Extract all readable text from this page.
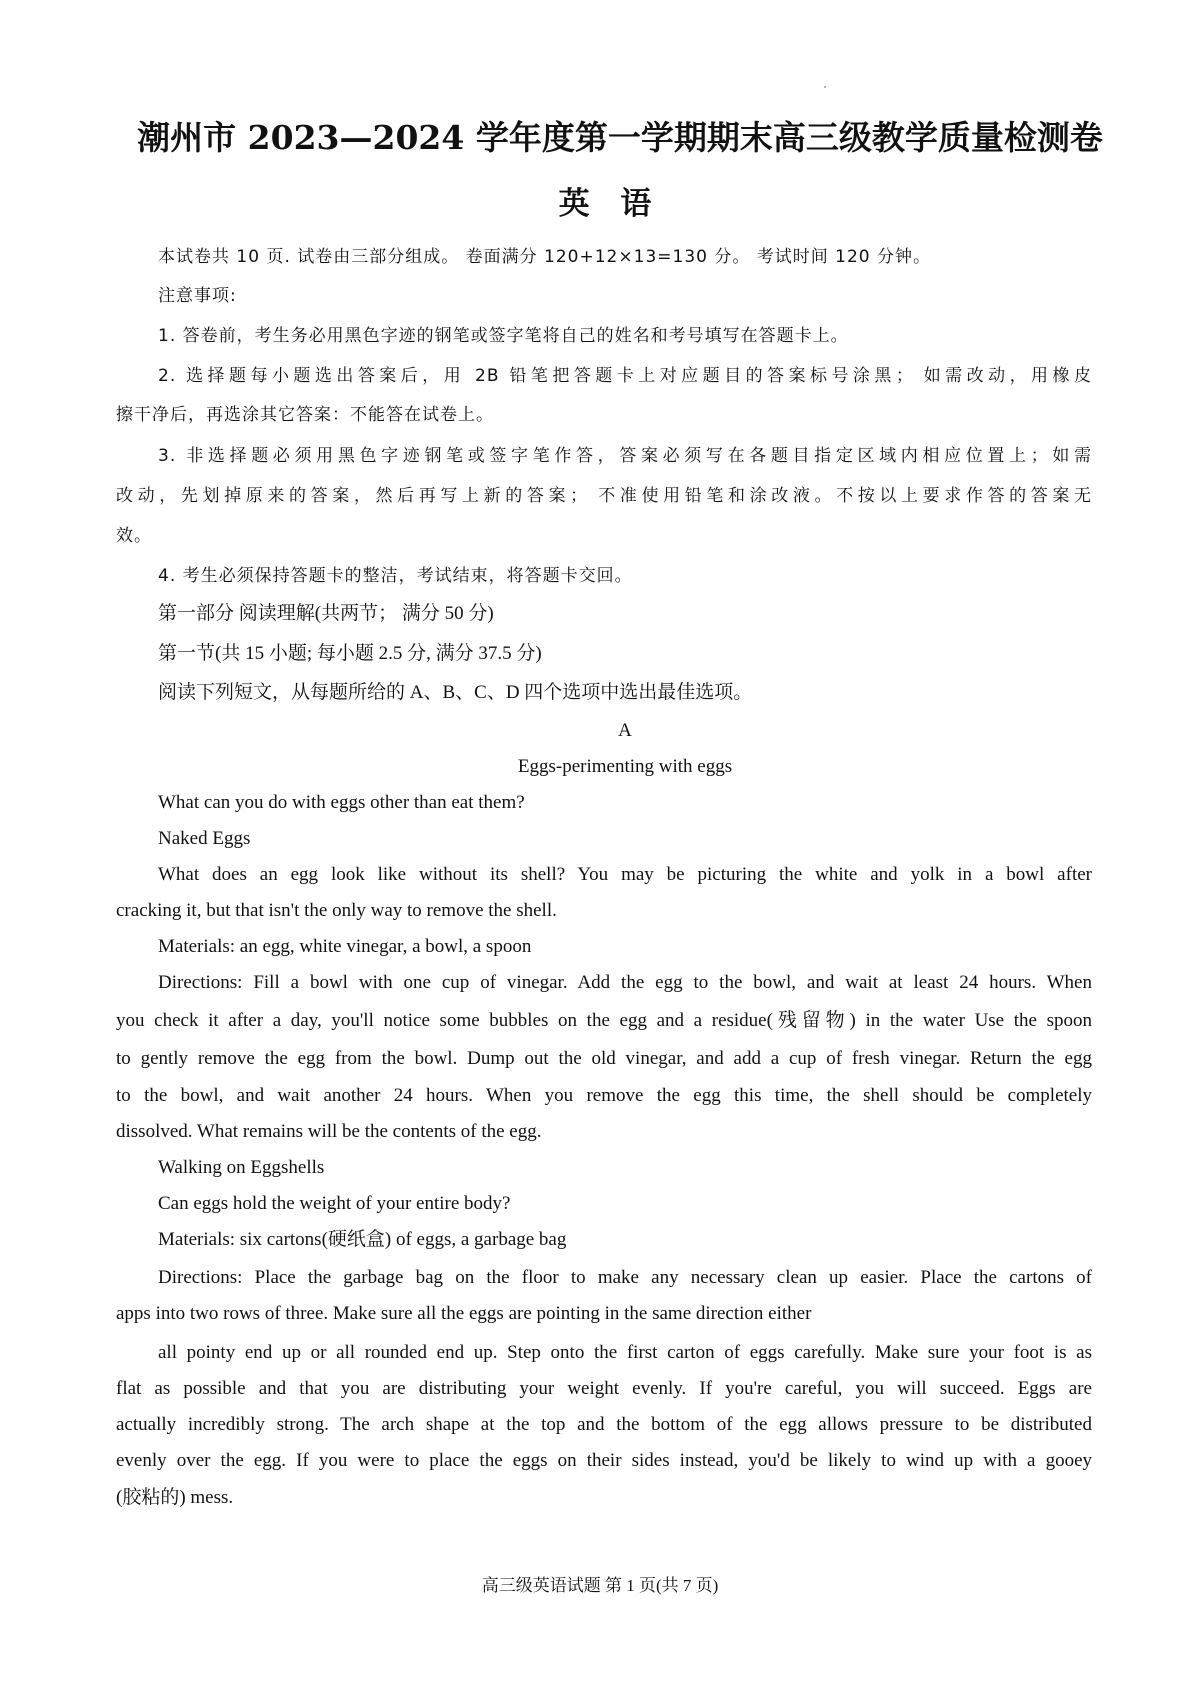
潮州市 2023—2024 学年度第一学期期末高三级教学质量检测卷
英 语
本试卷共 10 页. 试卷由三部分组成。 卷面满分 120+12×13=130 分。 考试时间 120 分钟。
注意事项:
1. 答卷前，考生务必用黑色字迹的钢笔或签字笔将自己的姓名和考号填写在答题卡上。
2. 选择题每小题选出答案后，用 2B 铅笔把答题卡上对应题目的答案标号涂黑； 如需改动，用橡皮
擦干净后，再选涂其它答案：不能答在试卷上。
3. 非选择题必须用黑色字迹钢笔或签字笔作答，答案必须写在各题目指定区域内相应位置上；如需
改动，先划掉原来的答案，然后再写上新的答案； 不准使用铅笔和涂改液。不按以上要求作答的答案无
效。
4. 考生必须保持答题卡的整洁，考试结束，将答题卡交回。
第一部分 阅读理解(共两节； 满分 50 分)
第一节(共 15 小题; 每小题 2.5 分, 满分 37.5 分)
阅读下列短文，从每题所给的 A、B、C、D 四个选项中选出最佳选项。
A
Eggs-perimenting with eggs
What can you do with eggs other than eat them?
Naked Eggs
What does an egg look like without its shell? You may be picturing the white and yolk in a bowl after
cracking it, but that isn't the only way to remove the shell.
Materials: an egg, white vinegar, a bowl, a spoon
Directions: Fill a bowl with one cup of vinegar. Add the egg to the bowl, and wait at least 24 hours. When
you check it after a day, you'll notice some bubbles on the egg and a residue(残留物) in the water Use the spoon
to gently remove the egg from the bowl. Dump out the old vinegar, and add a cup of fresh vinegar. Return the egg
to the bowl, and wait another 24 hours. When you remove the egg this time, the shell should be completely
dissolved. What remains will be the contents of the egg.
Walking on Eggshells
Can eggs hold the weight of your entire body?
Materials: six cartons(硬纸盒) of eggs, a garbage bag
Directions: Place the garbage bag on the floor to make any necessary clean up easier. Place the cartons of
apps into two rows of three. Make sure all the eggs are pointing in the same direction either
all pointy end up or all rounded end up. Step onto the first carton of eggs carefully. Make sure your foot is as
flat as possible and that you are distributing your weight evenly. If you're careful, you will succeed. Eggs are
actually incredibly strong. The arch shape at the top and the bottom of the egg allows pressure to be distributed
evenly over the egg. If you were to place the eggs on their sides instead, you'd be likely to wind up with a gooey
(胶粘的) mess.
高三级英语试题 第 1 页(共 7 页)
